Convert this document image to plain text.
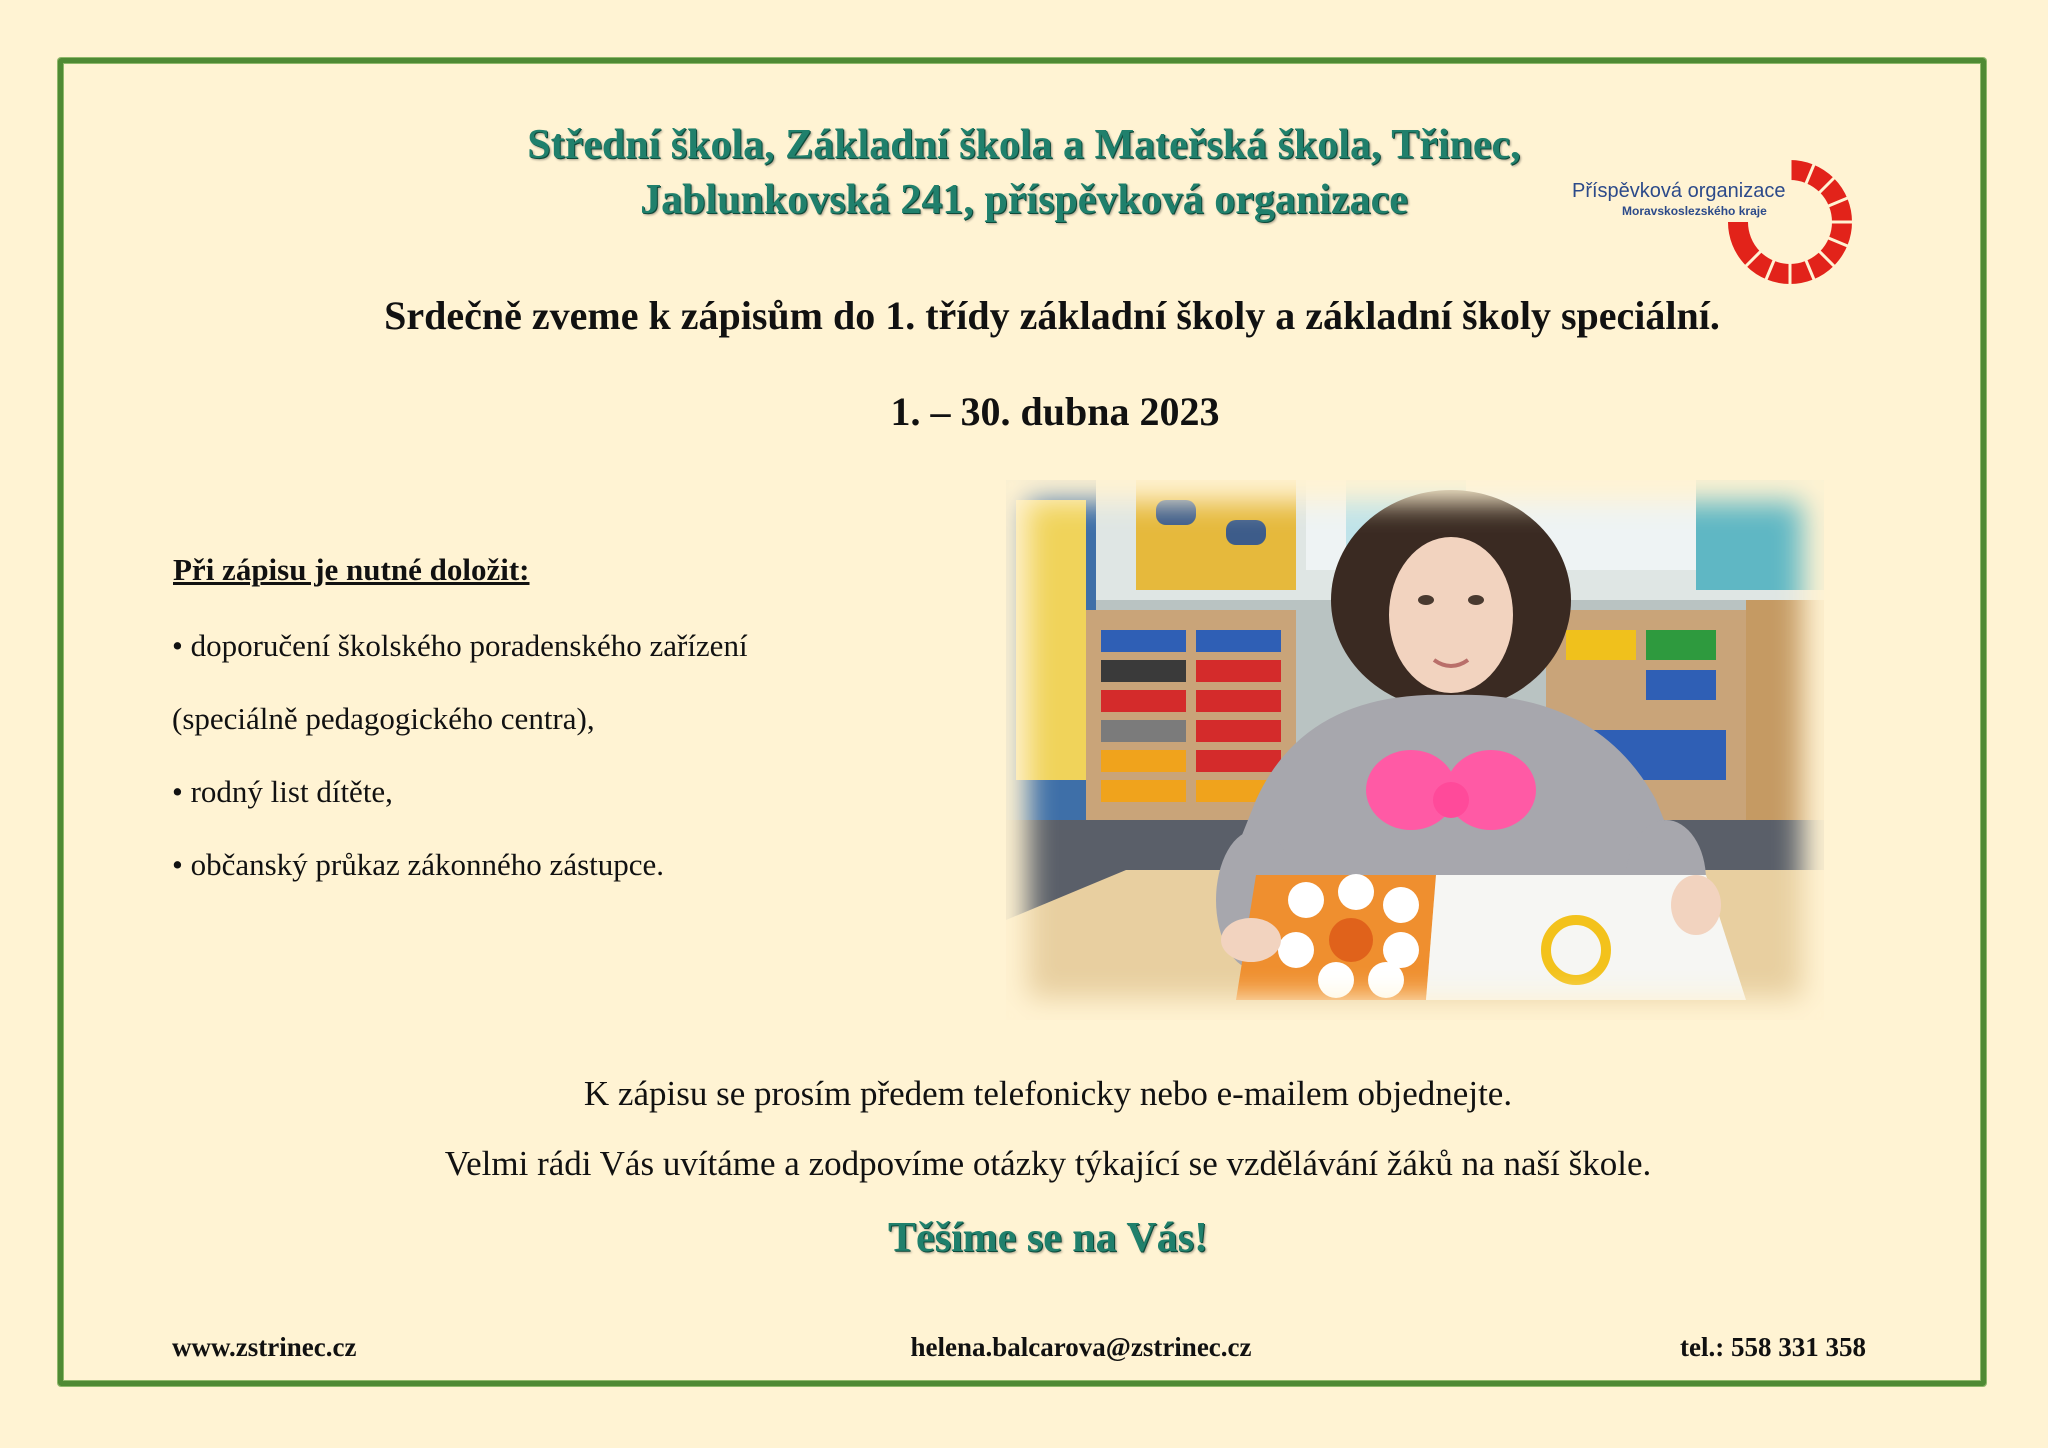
Střední škola, Základní škola a Mateřská škola, Třinec,
Jablunkovská 241, příspěvková organizace	Příspěvková organizace
Moravskoslezského kraje
Srdečně zveme k zápisům do 1. třídy základní školy a základní školy speciální.
1. – 30. dubna 2023
Při zápisu je nutné doložit:
• doporučení školského poradenského zařízení
(speciálně pedagogického centra),
• rodný list dítěte,
• občanský průkaz zákonného zástupce.
K zápisu se prosím předem telefonicky nebo e-mailem objednejte.
Velmi rádi Vás uvítáme a zodpovíme otázky týkající se vzdělávání žáků na naší škole.
Těšíme se na Vás!
www.zstrinec.cz	helena.balcarova@zstrinec.cz	tel.: 558 331 358
